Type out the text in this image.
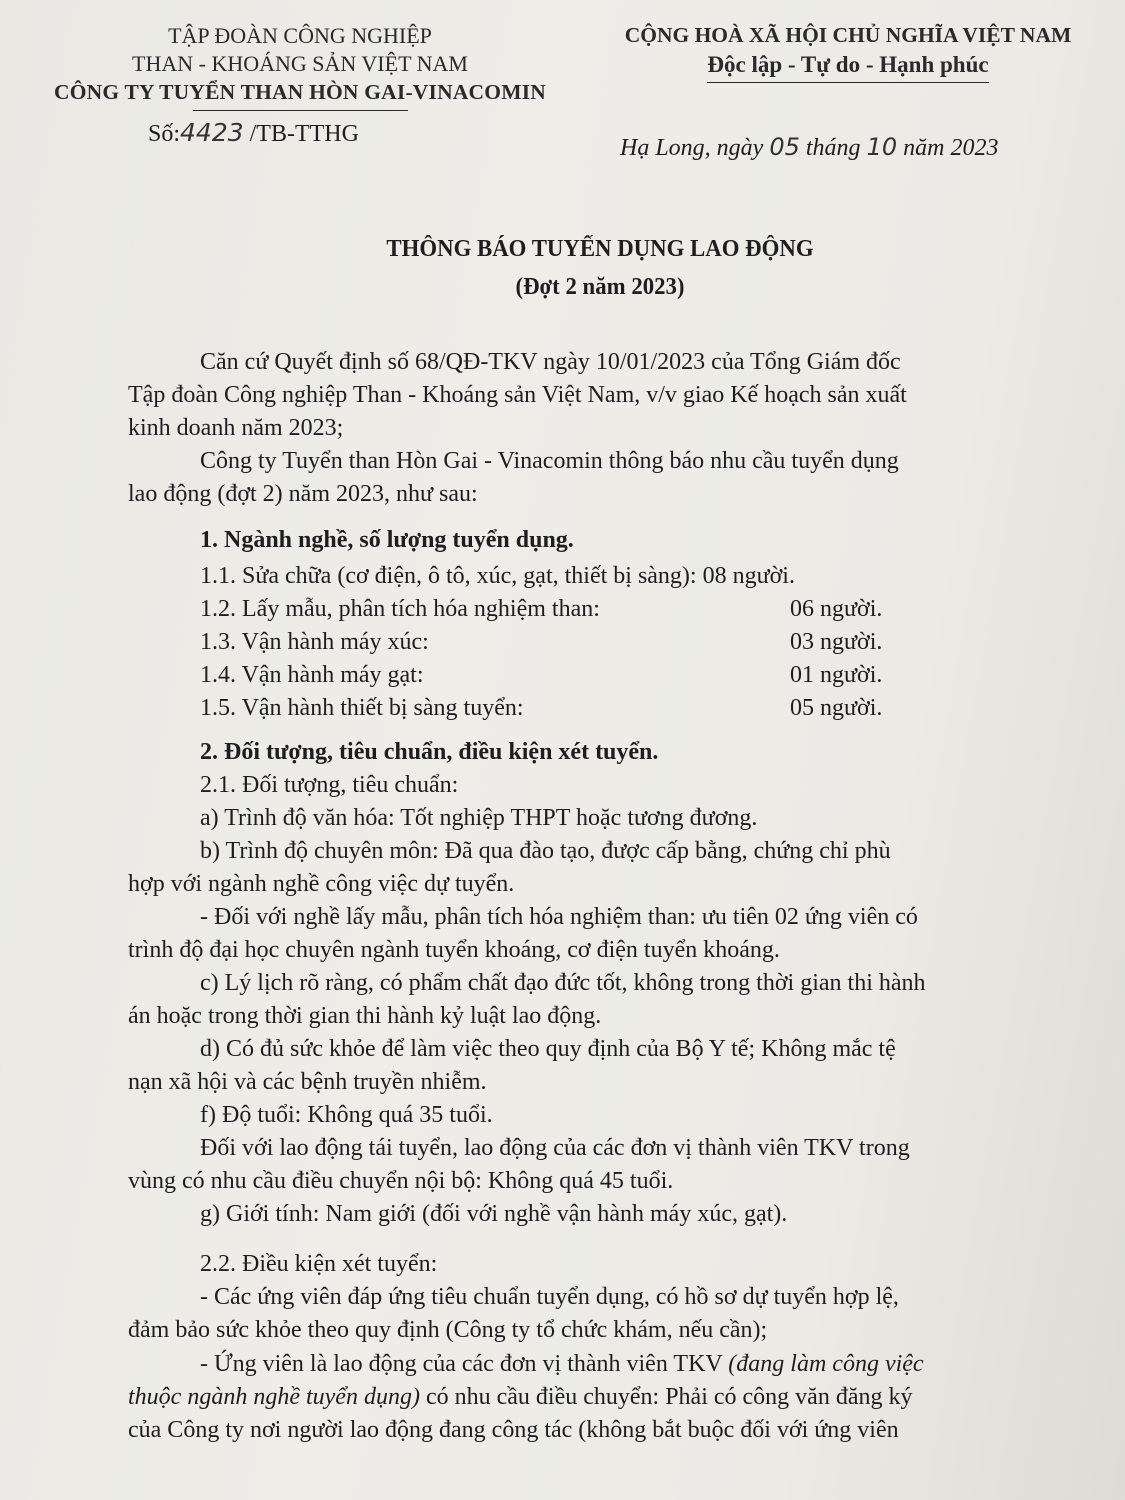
TẬP ĐOÀN CÔNG NGHIỆP
THAN - KHOÁNG SẢN VIỆT NAM
CÔNG TY TUYỂN THAN HÒN GAI-VINACOMIN
Số:4423 /TB-TTHG
CỘNG HOÀ XÃ HỘI CHỦ NGHĨA VIỆT NAM
Độc lập - Tự do - Hạnh phúc
Hạ Long, ngày 05 tháng 10 năm 2023
THÔNG BÁO TUYỂN DỤNG LAO ĐỘNG
(Đợt 2 năm 2023)
Căn cứ Quyết định số 68/QĐ-TKV ngày 10/01/2023 của Tổng Giám đốc
Tập đoàn Công nghiệp Than - Khoáng sản Việt Nam, v/v giao Kế hoạch sản xuất
kinh doanh năm 2023;
Công ty Tuyển than Hòn Gai - Vinacomin thông báo nhu cầu tuyển dụng
lao động (đợt 2) năm 2023, như sau:
1. Ngành nghề, số lượng tuyển dụng.
1.1. Sửa chữa (cơ điện, ô tô, xúc, gạt, thiết bị sàng): 08 người.
1.2. Lấy mẫu, phân tích hóa nghiệm than:	06 người.
1.3. Vận hành máy xúc:	03 người.
1.4. Vận hành máy gạt:	01 người.
1.5. Vận hành thiết bị sàng tuyển:	05 người.
2. Đối tượng, tiêu chuẩn, điều kiện xét tuyển.
2.1. Đối tượng, tiêu chuẩn:
a) Trình độ văn hóa: Tốt nghiệp THPT hoặc tương đương.
b) Trình độ chuyên môn: Đã qua đào tạo, được cấp bằng, chứng chỉ phù
hợp với ngành nghề công việc dự tuyển.
- Đối với nghề lấy mẫu, phân tích hóa nghiệm than: ưu tiên 02 ứng viên có
trình độ đại học chuyên ngành tuyển khoáng, cơ điện tuyển khoáng.
c) Lý lịch rõ ràng, có phẩm chất đạo đức tốt, không trong thời gian thi hành
án hoặc trong thời gian thi hành kỷ luật lao động.
d) Có đủ sức khỏe để làm việc theo quy định của Bộ Y tế; Không mắc tệ
nạn xã hội và các bệnh truyền nhiễm.
f) Độ tuổi: Không quá 35 tuổi.
Đối với lao động tái tuyển, lao động của các đơn vị thành viên TKV trong
vùng có nhu cầu điều chuyển nội bộ: Không quá 45 tuổi.
g) Giới tính: Nam giới (đối với nghề vận hành máy xúc, gạt).
2.2. Điều kiện xét tuyển:
- Các ứng viên đáp ứng tiêu chuẩn tuyển dụng, có hồ sơ dự tuyển hợp lệ,
đảm bảo sức khỏe theo quy định (Công ty tổ chức khám, nếu cần);
- Ứng viên là lao động của các đơn vị thành viên TKV (đang làm công việc
thuộc ngành nghề tuyển dụng) có nhu cầu điều chuyển: Phải có công văn đăng ký
của Công ty nơi người lao động đang công tác (không bắt buộc đối với ứng viên
